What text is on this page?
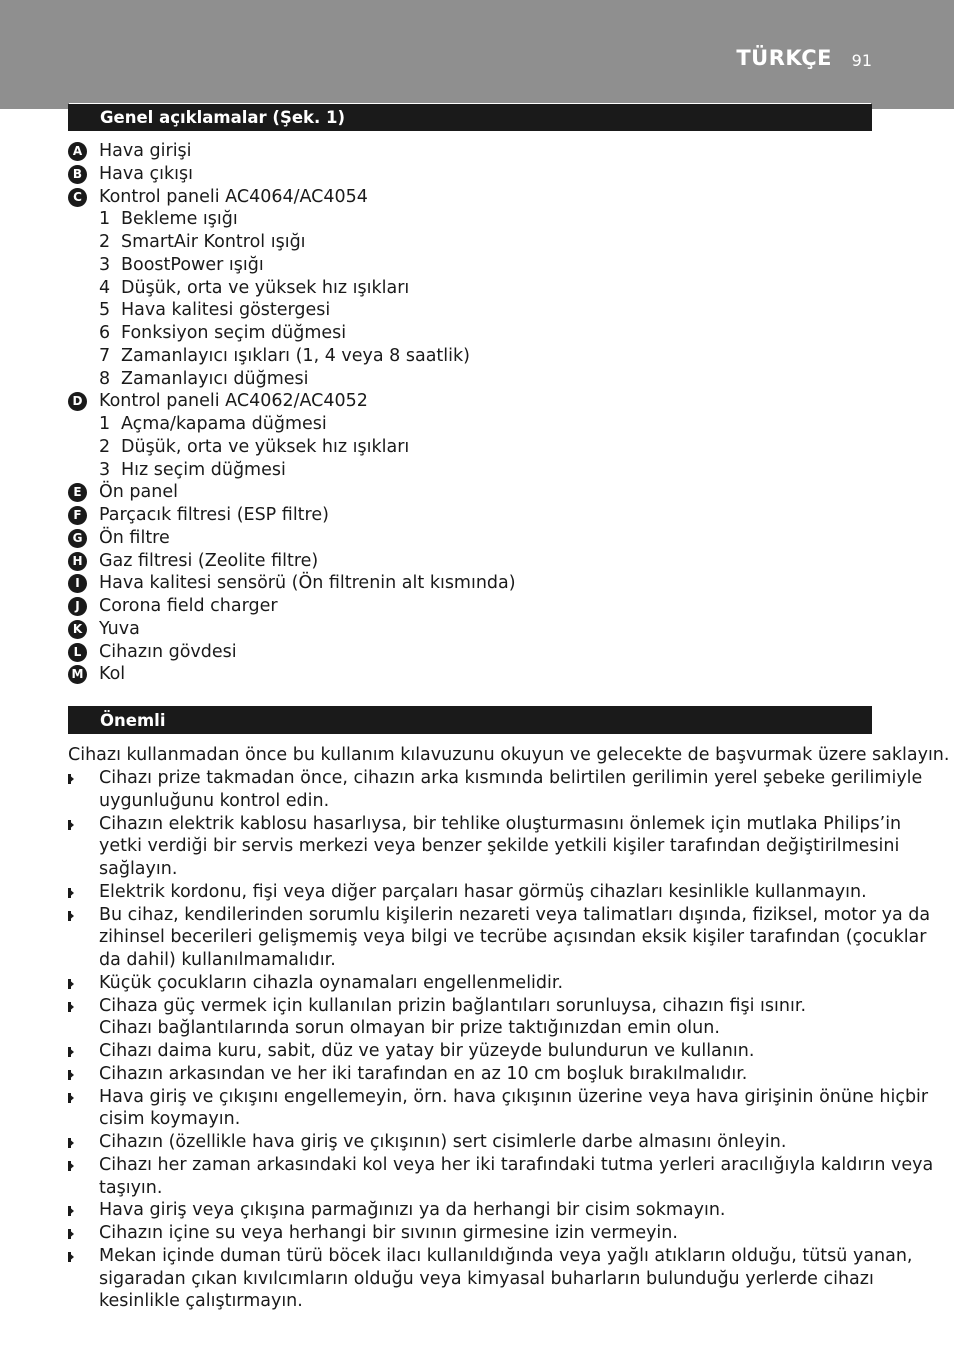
TÜRKÇE 91
Genel açıklamalar (Şek. 1)
A Hava girişi
B Hava çıkışı
C Kontrol paneli AC4064/AC4054
1 Bekleme ışığı
2 SmartAir Kontrol ışığı
3 BoostPower ışığı
4 Düşük, orta ve yüksek hız ışıkları
5 Hava kalitesi göstergesi
6 Fonksiyon seçim düğmesi
7 Zamanlayıcı ışıkları (1, 4 veya 8 saatlik)
8 Zamanlayıcı düğmesi
D Kontrol paneli AC4062/AC4052
1 Açma/kapama düğmesi
2 Düşük, orta ve yüksek hız ışıkları
3 Hız seçim düğmesi
E Ön panel
F Parçacık filtresi (ESP filtre)
G Ön filtre
H Gaz filtresi (Zeolite filtre)
I	Hava kalitesi sensörü (Ön filtrenin alt kısmında)
J	Corona field charger
K Yuva
L	Cihazın gövdesi
M Kol
Önemli
Cihazı kullanmadan önce bu kullanım kılavuzunu okuyun ve gelecekte de başvurmak üzere saklayın.
Cihazı prize takmadan önce, cihazın arka kısmında belirtilen gerilimin yerel şebeke gerilimiyle
uygunluğunu kontrol edin.
Cihazın elektrik kablosu hasarlıysa, bir tehlike oluşturmasını önlemek için mutlaka Philips’in
yetki verdiği bir servis merkezi veya benzer şekilde yetkili kişiler tarafından değiştirilmesini
sağlayın.
Elektrik kordonu, fişi veya diğer parçaları hasar görmüş cihazları kesinlikle kullanmayın.
Bu cihaz, kendilerinden sorumlu kişilerin nezareti veya talimatları dışında, fiziksel, motor ya da
zihinsel becerileri gelişmemiş veya bilgi ve tecrübe açısından eksik kişiler tarafından (çocuklar
da dahil) kullanılmamalıdır.
Küçük çocukların cihazla oynamaları engellenmelidir.
Cihaza güç vermek için kullanılan prizin bağlantıları sorunluysa, cihazın fişi ısınır.
Cihazı bağlantılarında sorun olmayan bir prize taktığınızdan emin olun.
Cihazı daima kuru, sabit, düz ve yatay bir yüzeyde bulundurun ve kullanın.
Cihazın arkasından ve her iki tarafından en az 10 cm boşluk bırakılmalıdır.
Hava giriş ve çıkışını engellemeyin, örn. hava çıkışının üzerine veya hava girişinin önüne hiçbir
cisim koymayın.
Cihazın (özellikle hava giriş ve çıkışının) sert cisimlerle darbe almasını önleyin.
Cihazı her zaman arkasındaki kol veya her iki tarafındaki tutma yerleri aracılığıyla kaldırın veya
taşıyın.
Hava giriş veya çıkışına parmağınızı ya da herhangi bir cisim sokmayın.
Cihazın içine su veya herhangi bir sıvının girmesine izin vermeyin.
Mekan içinde duman türü böcek ilacı kullanıldığında veya yağlı atıkların olduğu, tütsü yanan,
sigaradan çıkan kıvılcımların olduğu veya kimyasal buharların bulunduğu yerlerde cihazı
kesinlikle çalıştırmayın.
